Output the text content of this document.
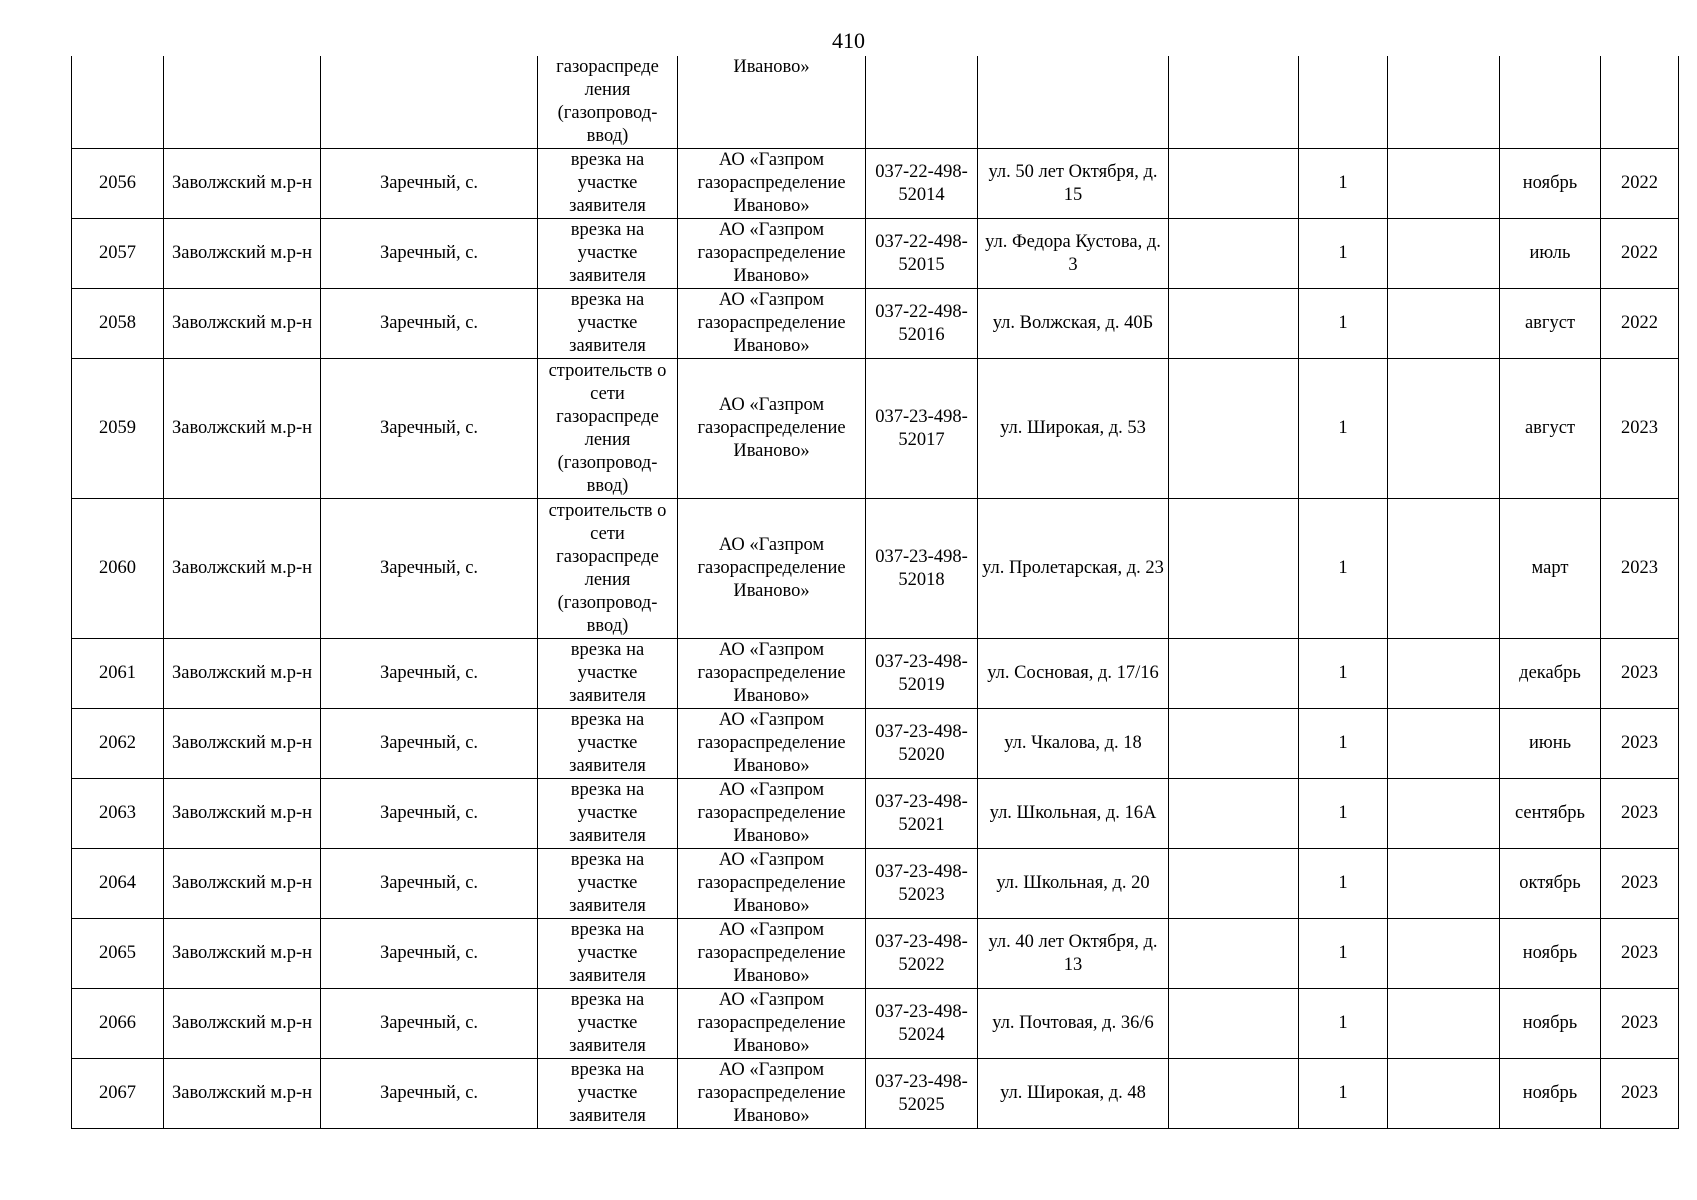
410
			газораспреде ления (газопровод-ввод)	Иваново»							
2056	Заволжский м.р-н	Заречный, с.	врезка на участке заявителя	АО «Газпром газораспределение Иваново»	037-22-498-52014	ул. 50 лет Октября, д. 15		1		ноябрь	2022
2057	Заволжский м.р-н	Заречный, с.	врезка на участке заявителя	АО «Газпром газораспределение Иваново»	037-22-498-52015	ул. Федора Кустова, д. 3		1		июль	2022
2058	Заволжский м.р-н	Заречный, с.	врезка на участке заявителя	АО «Газпром газораспределение Иваново»	037-22-498-52016	ул. Волжская, д. 40Б		1		август	2022
2059	Заволжский м.р-н	Заречный, с.	строительств о сети газораспреде ления (газопровод-ввод)	АО «Газпром газораспределение Иваново»	037-23-498-52017	ул. Широкая, д. 53		1		август	2023
2060	Заволжский м.р-н	Заречный, с.	строительств о сети газораспреде ления (газопровод-ввод)	АО «Газпром газораспределение Иваново»	037-23-498-52018	ул. Пролетарская, д. 23		1		март	2023
2061	Заволжский м.р-н	Заречный, с.	врезка на участке заявителя	АО «Газпром газораспределение Иваново»	037-23-498-52019	ул. Сосновая, д. 17/16		1		декабрь	2023
2062	Заволжский м.р-н	Заречный, с.	врезка на участке заявителя	АО «Газпром газораспределение Иваново»	037-23-498-52020	ул. Чкалова, д. 18		1		июнь	2023
2063	Заволжский м.р-н	Заречный, с.	врезка на участке заявителя	АО «Газпром газораспределение Иваново»	037-23-498-52021	ул. Школьная, д. 16А		1		сентябрь	2023
2064	Заволжский м.р-н	Заречный, с.	врезка на участке заявителя	АО «Газпром газораспределение Иваново»	037-23-498-52023	ул. Школьная, д. 20		1		октябрь	2023
2065	Заволжский м.р-н	Заречный, с.	врезка на участке заявителя	АО «Газпром газораспределение Иваново»	037-23-498-52022	ул. 40 лет Октября, д. 13		1		ноябрь	2023
2066	Заволжский м.р-н	Заречный, с.	врезка на участке заявителя	АО «Газпром газораспределение Иваново»	037-23-498-52024	ул. Почтовая, д. 36/6		1		ноябрь	2023
2067	Заволжский м.р-н	Заречный, с.	врезка на участке заявителя	АО «Газпром газораспределение Иваново»	037-23-498-52025	ул. Широкая, д. 48		1		ноябрь	2023
